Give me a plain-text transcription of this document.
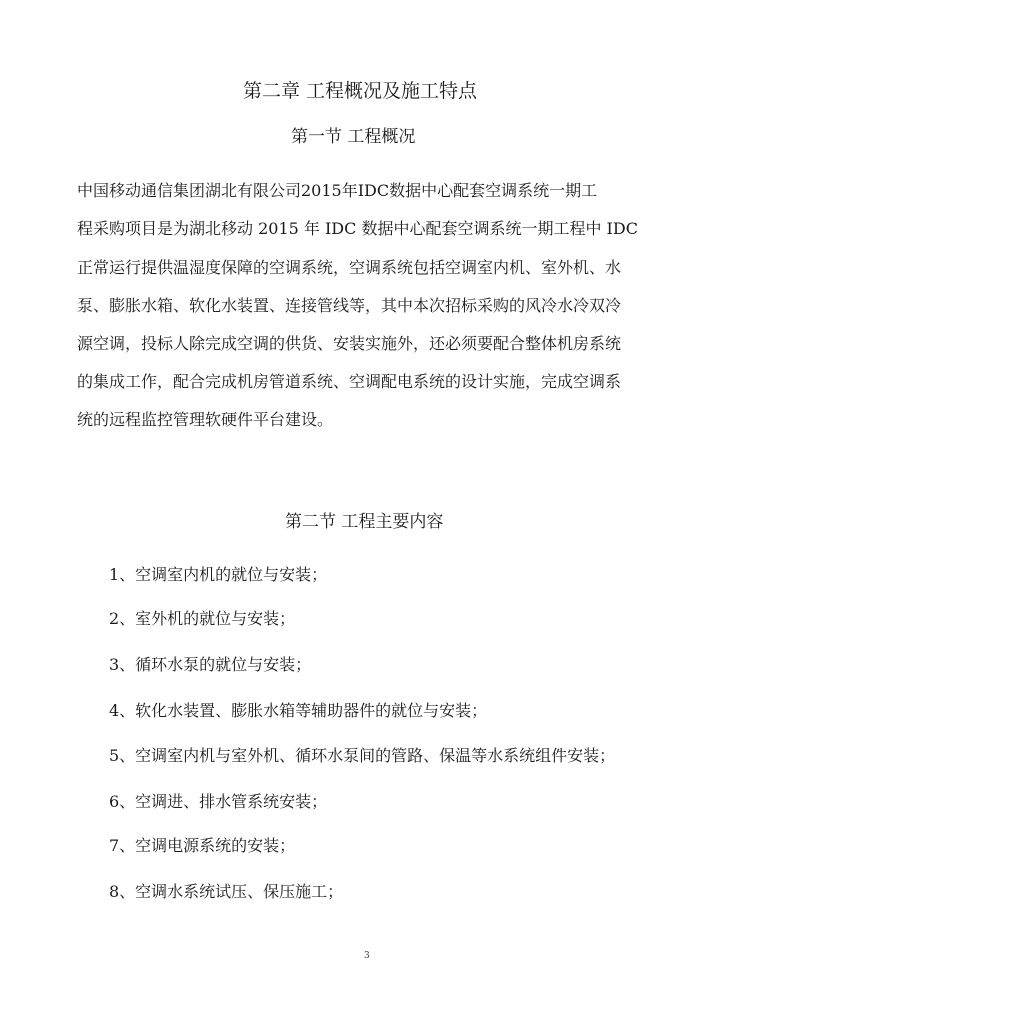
第二章 工程概况及施工特点
第一节 工程概况
中国移动通信集团湖北有限公司2015年IDC数据中心配套空调系统一期工
程采购项目是为湖北移动 2015 年 IDC 数据中心配套空调系统一期工程中 IDC
正常运行提供温湿度保障的空调系统，空调系统包括空调室内机、室外机、水
泵、膨胀水箱、软化水装置、连接管线等，其中本次招标采购的风冷水冷双冷
源空调，投标人除完成空调的供货、安装实施外，还必须要配合整体机房系统
的集成工作，配合完成机房管道系统、空调配电系统的设计实施，完成空调系
统的远程监控管理软硬件平台建设。
第二节 工程主要内容
1、空调室内机的就位与安装；
2、室外机的就位与安装；
3、循环水泵的就位与安装；
4、软化水装置、膨胀水箱等辅助器件的就位与安装；
5、空调室内机与室外机、循环水泵间的管路、保温等水系统组件安装；
6、空调进、排水管系统安装；
7、空调电源系统的安装；
8、空调水系统试压、保压施工；
3
